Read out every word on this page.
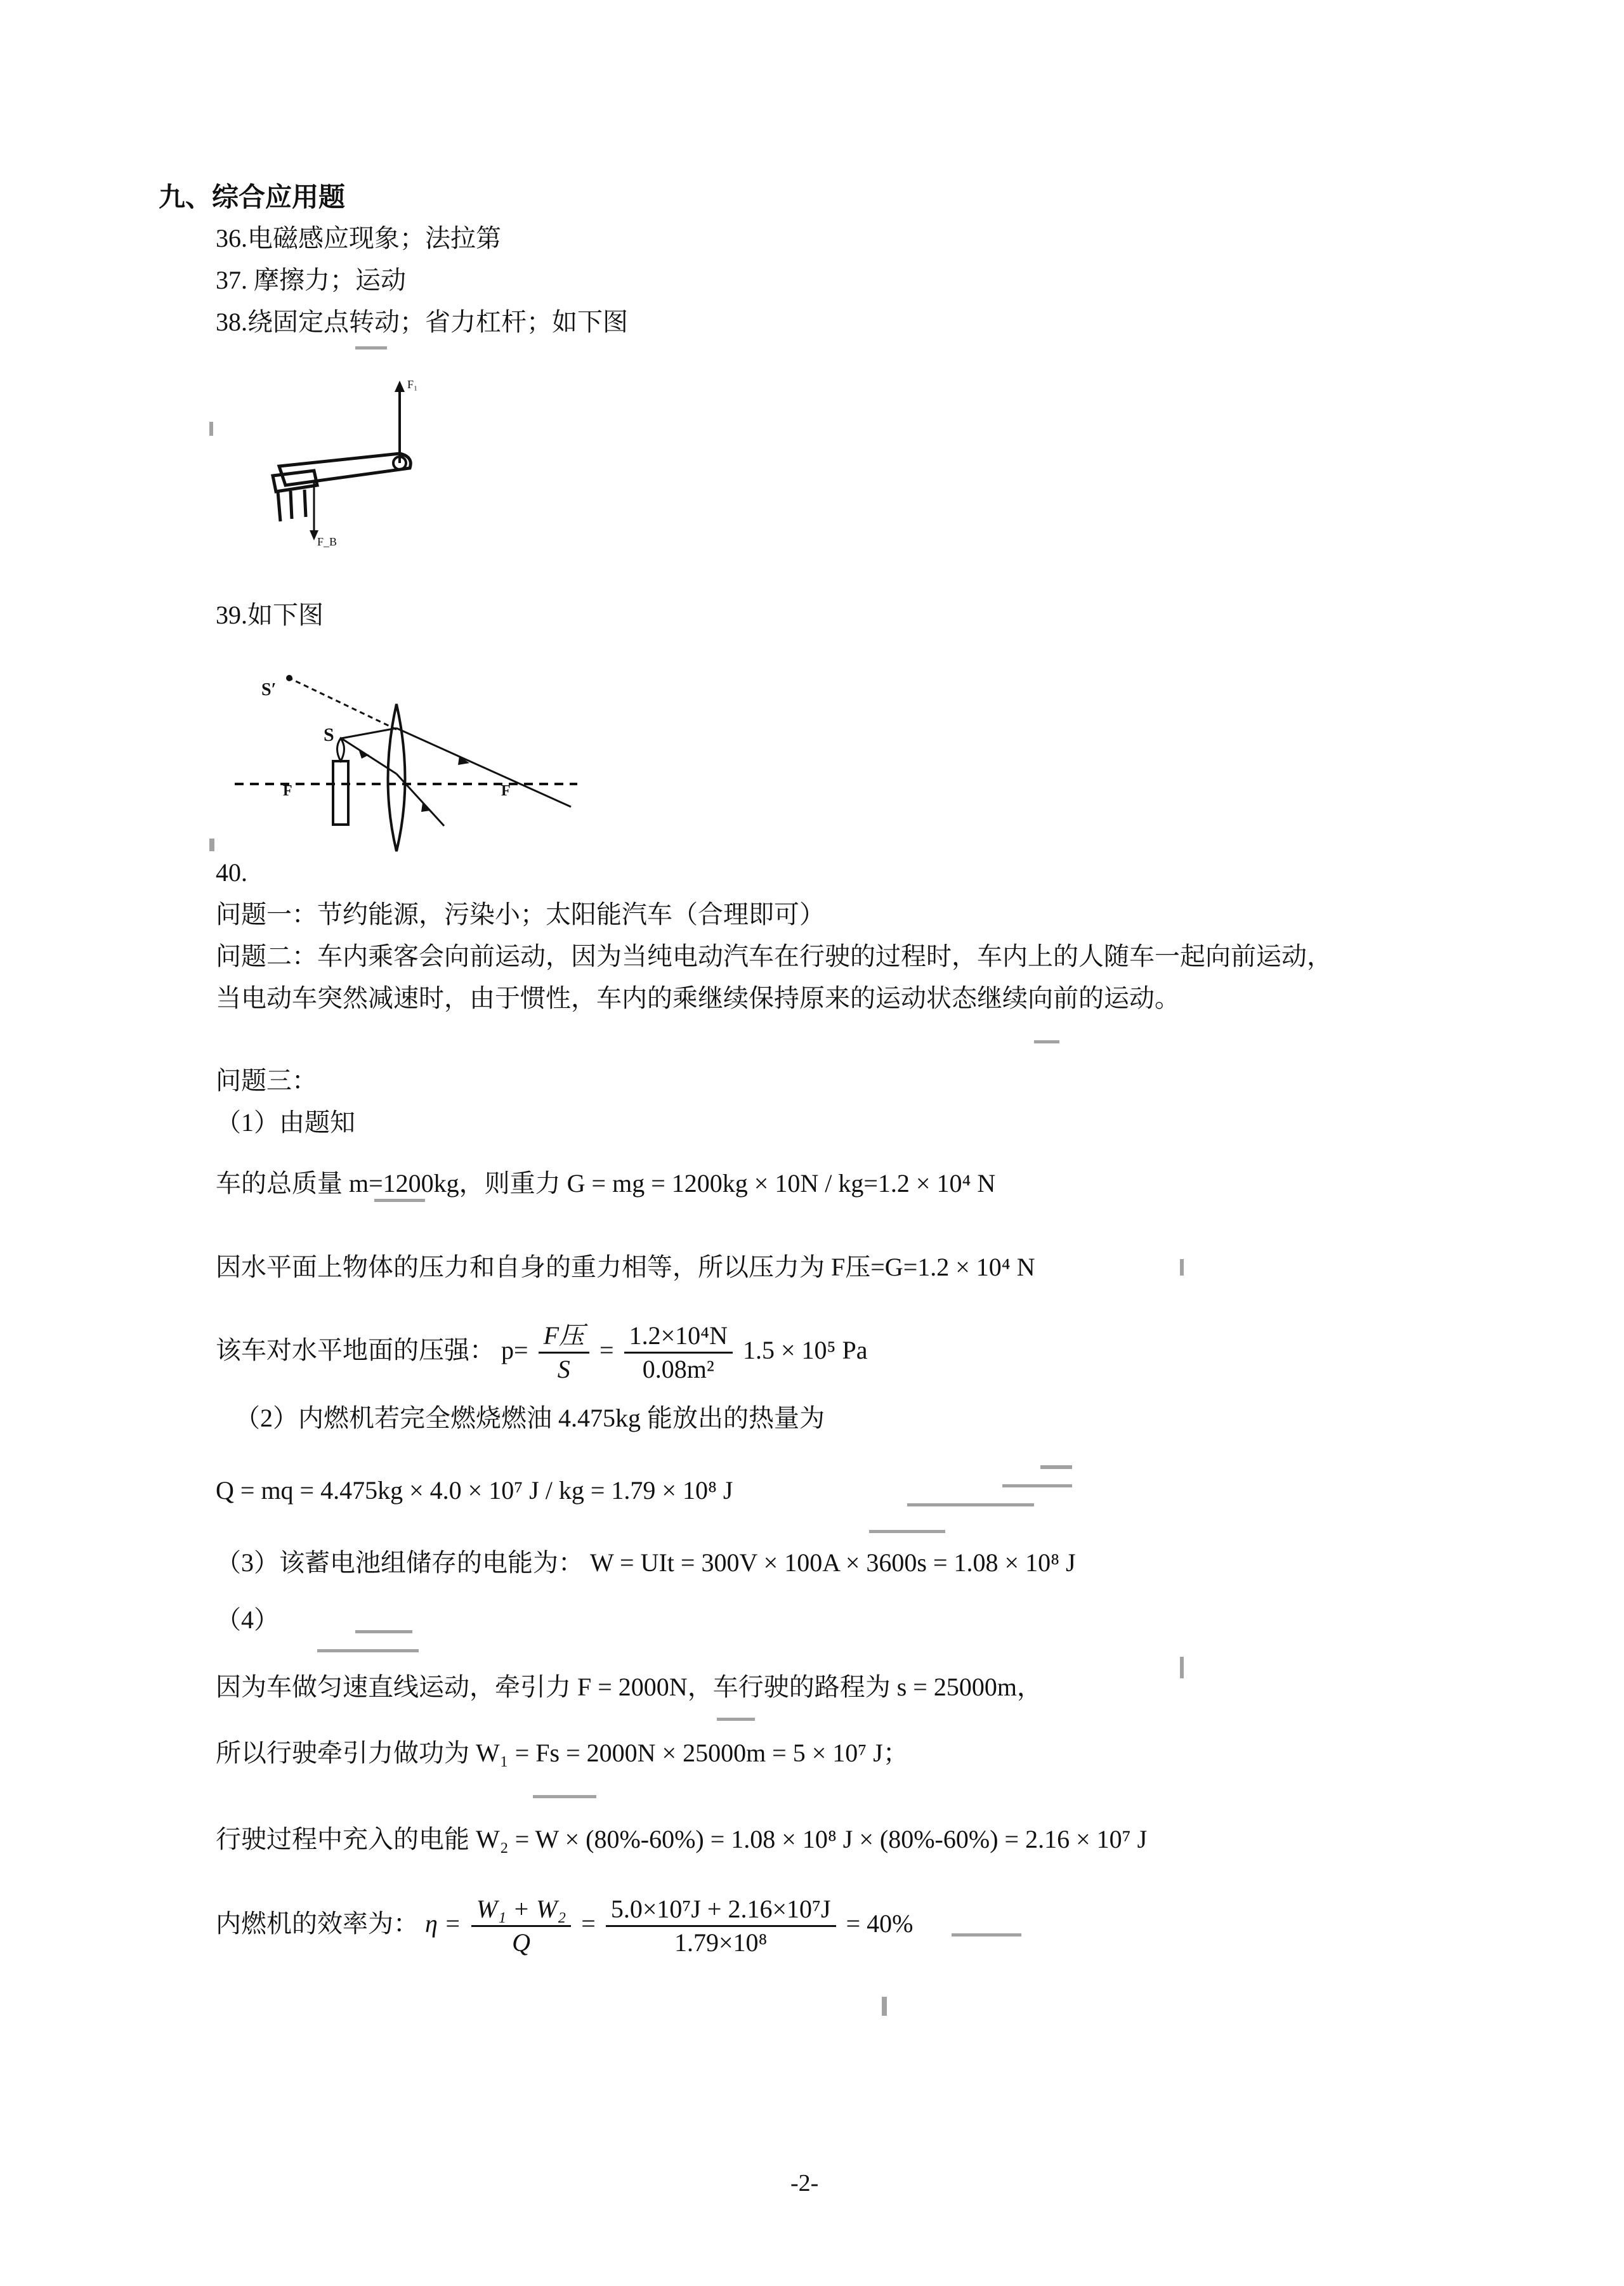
九、综合应用题
36.电磁感应现象；法拉第
37. 摩擦力；运动
38.绕固定点转动；省力杠杆；如下图
F₁
F_B
39.如下图
S′
S
F	F
40.
问题一：节约能源，污染小；太阳能汽车（合理即可）
问题二：车内乘客会向前运动，因为当纯电动汽车在行驶的过程时，车内上的人随车一起向前运动，
当电动车突然减速时，由于惯性，车内的乘继续保持原来的运动状态继续向前的运动。
问题三：
（1）由题知
车的总质量 m=1200kg，则重力 G = mg = 1200kg × 10N / kg=1.2 × 10⁴ N
因水平面上物体的压力和自身的重力相等，所以压力为 F压=G=1.2 × 10⁴ N
该车对水平地面的压强： $p= \frac{\text{F压}}{S} = \frac{\text{1.2×10⁴N}}{\text{0.08m²}} 1.5 \times 10^5$ Pa
（2）内燃机若完全燃烧燃油 4.475kg 能放出的热量为
Q = mq = 4.475kg × 4.0 × 10⁷ J / kg = 1.79 × 10⁸ J
（3）该蓄电池组储存的电能为： W = UIt = 300V × 100A × 3600s = 1.08 × 10⁸ J
（4）
因为车做匀速直线运动，牵引力 F = 2000N，车行驶的路程为 s = 25000m，
所以行驶牵引力做功为 W₁ = Fs = 2000N × 25000m = 5 × 10⁷ J；
行驶过程中充入的电能 W₂ = W × (80%-60%) = 1.08 × 10⁸ J × (80%-60%) = 2.16 × 10⁷ J
内燃机的效率为： $\eta = \frac{\text{W₁ + W₂}}{Q} = \frac{\text{5.0×10⁷J + 2.16×10⁷J}}{\text{1.79×10⁸}} = 40\%$
-2-
